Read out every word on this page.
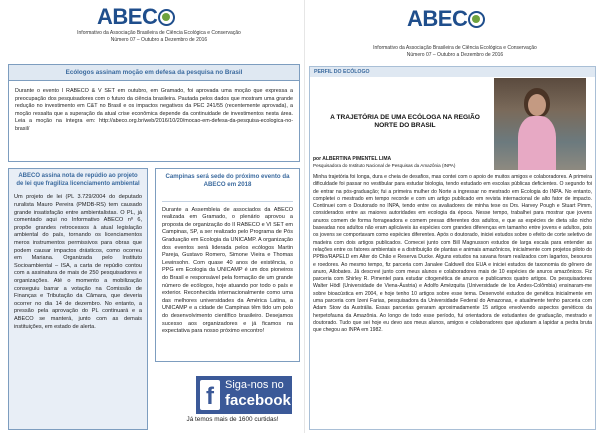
ABEC
Informativo da Associação Brasileira de Ciência Ecológica e Conservação
Número 07 – Outubro a Dezembro de 2016
Ecólogos assinam moção em defesa da pesquisa no Brasil
Durante o evento I RABECO & V SET em outubro, em Gramado, foi aprovada uma moção que expressa a preocupação dos pesquisadores com o futuro da ciência brasileira. Pautada pelos dados que mostram uma grande redução no investimento em C&T no Brasil e os impactos negativos da PEC 241/55 (recentemente aprovada), a moção ressalta que a superação da atual crise econômica depende da continuidade de investimentos nesta área. Leia a moção na íntegra em: http://abeco.org.br/web/2016/10/20/mocao-em-defesa-da-pesquisa-ecologica-no-brasil/
ABECO assina nota de repúdio ao projeto de lei que fragiliza licenciamento ambiental
Um projeto de lei (PL 3.729/2004 do deputado ruralista Mauro Pereira (PMDB-RS) tem causado grande insatisfação entre ambientalistas. O PL, já comentado aqui no Informativo ABECO nº 6, propõe grandes retrocessos à atual legislação ambiental do país, tornando os licenciamentos meros instrumentos permissivos para obras que podem causar impactos drásticos, como ocorreu em Mariana. Organizada pelo Instituto Socioambiental – ISA, a carta de repúdio contou com a assinatura de mais de 250 pesquisadores e organizações. Até o momento a mobilização conseguiu barrar a votação na Comissão de Finanças e Tributação da Câmara, que deveria ocorrer no dia 14 de dezembro. No entanto, a pressão pela aprovação do PL continuará e a ABECO se manterá, junto com as demais instituições, em estado de alerta.
Campinas será sede do próximo evento da ABECO em 2018
Durante a Assembleia de associados da ABECO realizada em Gramado, o plenário aprovou a proposta de organização do II RABECO e VI SET em Campinas, SP, a ser realizado pelo Programa de Pós Graduação em Ecologia da UNICAMP. A organização dos eventos será liderada pelos ecólogos Martin Pareja, Gustavo Romero, Simone Vieira e Thomas Lewinsohn. Com quase 40 anos de existência, o PPG em Ecologia da UNICAMP é um dos pioneiros do Brasil e responsável pela formação de um grande número de ecólogos, hoje atuando por todo o país e exterior. Reconhecida internacionalmente como uma das melhores universidades da América Latina, a UNICAMP e a cidade de Campinas têm tido um polo do desenvolvimento científico brasileiro. Desejamos sucesso aos organizadores e já ficamos na expectativa para nosso próximo encontro!
f	Siga-nos no
facebook
Já temos mais de 1600 curtidas!
ABEC
Informativo da Associação Brasileira de Ciência Ecológica e Conservação
Número 07 – Outubro a Dezembro de 2016
PERFIL DO ECÓLOGO
A TRAJETÓRIA DE UMA ECÓLOGA NA REGIÃO NORTE DO BRASIL
por ALBERTINA PIMENTEL LIMA
Pesquisadora do Instituto Nacional de Pesquisas da Amazônia (INPA)
Minha trajetória foi longa, dura e cheia de desafios, mas contei com o apoio de muitos amigos e colaboradores. A primeira dificuldade foi passar no vestibular para estudar biologia, tendo estudado em escolas públicas deficientes. O segundo foi de entrar na pós-graduação; fui a primeira mulher do Norte a ingressar no mestrado em Ecologia do INPA. No entanto, completei o mestrado em tempo recorde e com um artigo publicado em revista internacional de alto fator de impacto. Continuei com o Doutorado no INPA, tendo entre os avaliadores de minha tese os Drs. Harvey Pough e Stuart Pimm, considerados entre as maiores autoridades em ecologia da época. Nesse tempo, trabalhei para mostrar que jovens anuros comem de forma forrageadora e comem presas diferentes dos adultos, e que as espécies de dieta são nicho baseadas nos adultos não eram aplicáveis às espécies com grandes diferenças em tamanho entre jovens e adultos, pois os jovens se comportavam como espécies diferentes. Após o doutorado, iniciei estudos sobre o efeito de corte seletivo de madeira com dois artigos publicados. Comecei junto com Bill Magnusson estudos de larga escala para entender as relações entre os fatores ambientais e a distribuição de plantas e animais amazônicos, inicialmente com projetos piloto do PPBio/RAPELD em Alter do Chão e Reserva Ducke. Alguns estudos na savana foram realizados com lagartos, besouros e roedores. Ao mesmo tempo, fiz parceria com Janalee Caldwell dos EUA e iniciei estudos de taxonomia do gênero de anuro, Allobates. Já descrevi junto com meus alunos e colaboradores mais de 10 espécies de anuros amazônicos. Fiz parceria com Shirley R. Pimentel para estudar citogenética de anuros e publicamos quatro artigos. Os pesquisadores Walter Hödl (Universidade de Viena-Áustria) e Adolfo Amézquita (Universidade de los Andes-Colômbia) ensinaram-me sobre bioacústica em 2004, e hoje tenho 10 artigos sobre esse tema. Desenvolvi estudos de genética inicialmente em uma parceria com Izeni Farias, pesquisadora da Universidade Federal do Amazonas, e atualmente tenho parceria com Adam Stow da Austrália. Essas parcerias geraram aproximadamente 15 artigos envolvendo aspectos genéticos da herpetofauna da Amazônia. Ao longo de todo esse período, fui orientadora de estudantes de graduação, mestrado e doutorado. Tudo que sei hoje eu devo aos meus alunos, amigos e colaboradores que ajudaram a lapidar a pedra bruta que chegou ao INPA em 1982.
